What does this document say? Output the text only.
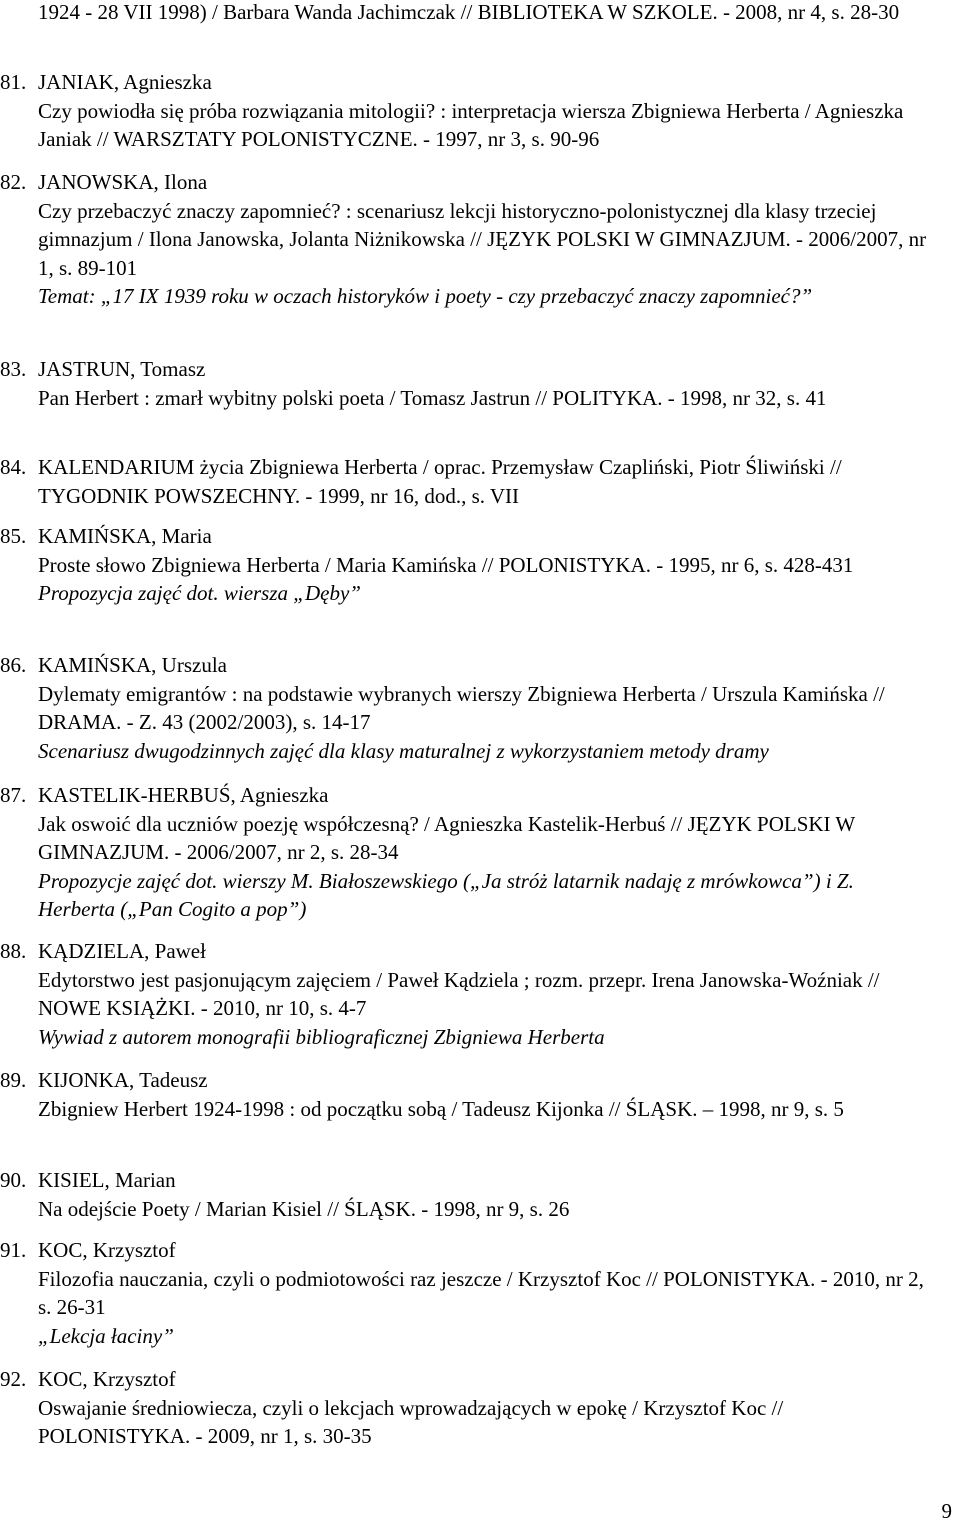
1924 - 28 VII 1998) / Barbara Wanda Jachimczak // BIBLIOTEKA W SZKOLE. - 2008, nr 4, s. 28-30
81. JANIAK, Agnieszka
Czy powiodła się próba rozwiązania mitologii? : interpretacja wiersza Zbigniewa Herberta / Agnieszka Janiak // WARSZTATY POLONISTYCZNE. - 1997, nr 3, s. 90-96
82. JANOWSKA, Ilona
Czy przebaczyć znaczy zapomnieć? : scenariusz lekcji historyczno-polonistycznej dla klasy trzeciej gimnazjum / Ilona Janowska, Jolanta Niżnikowska // JĘZYK POLSKI W GIMNAZJUM. - 2006/2007, nr 1, s. 89-101
Temat: „17 IX 1939 roku w oczach historyków i poety - czy przebaczyć znaczy zapomnieć?”
83. JASTRUN, Tomasz
Pan Herbert : zmarł wybitny polski poeta / Tomasz Jastrun // POLITYKA. - 1998, nr 32, s. 41
84. KALENDARIUM życia Zbigniewa Herberta / oprac. Przemysław Czapliński, Piotr Śliwiński // TYGODNIK POWSZECHNY. - 1999, nr 16, dod., s. VII
85. KAMIŃSKA, Maria
Proste słowo Zbigniewa Herberta / Maria Kamińska // POLONISTYKA. - 1995, nr 6, s. 428-431
Propozycja zajęć dot. wiersza „Dęby”
86. KAMIŃSKA, Urszula
Dylematy emigrantów : na podstawie wybranych wierszy Zbigniewa Herberta / Urszula Kamińska // DRAMA. - Z. 43 (2002/2003), s. 14-17
Scenariusz dwugodzinnych zajęć dla klasy maturalnej z wykorzystaniem metody dramy
87. KASTELIK-HERBUŚ, Agnieszka
Jak oswoić dla uczniów poezję współczesną? / Agnieszka Kastelik-Herbuś // JĘZYK POLSKI W GIMNAZJUM. - 2006/2007, nr 2, s. 28-34
Propozycje zajęć dot. wierszy M. Białoszewskiego („Ja stróż latarnik nadaję z mrówkowca”) i Z. Herberta („Pan Cogito a pop”)
88. KĄDZIELA, Paweł
Edytorstwo jest pasjonującym zajęciem / Paweł Kądziela ; rozm. przepr. Irena Janowska-Woźniak // NOWE KSIĄŻKI. - 2010, nr 10, s. 4-7
Wywiad z autorem monografii bibliograficznej Zbigniewa Herberta
89. KIJONKA, Tadeusz
Zbigniew Herbert 1924-1998 : od początku sobą / Tadeusz Kijonka // ŚLĄSK. – 1998, nr 9, s. 5
90. KISIEL, Marian
Na odejście Poety / Marian Kisiel // ŚLĄSK. - 1998, nr 9, s. 26
91. KOC, Krzysztof
Filozofia nauczania, czyli o podmiotowości raz jeszcze / Krzysztof Koc // POLONISTYKA. - 2010, nr 2, s. 26-31
„Lekcja łaciny”
92. KOC, Krzysztof
Oswajanie średniowiecza, czyli o lekcjach wprowadzających w epokę / Krzysztof Koc // POLONISTYKA. - 2009, nr 1, s. 30-35
9
